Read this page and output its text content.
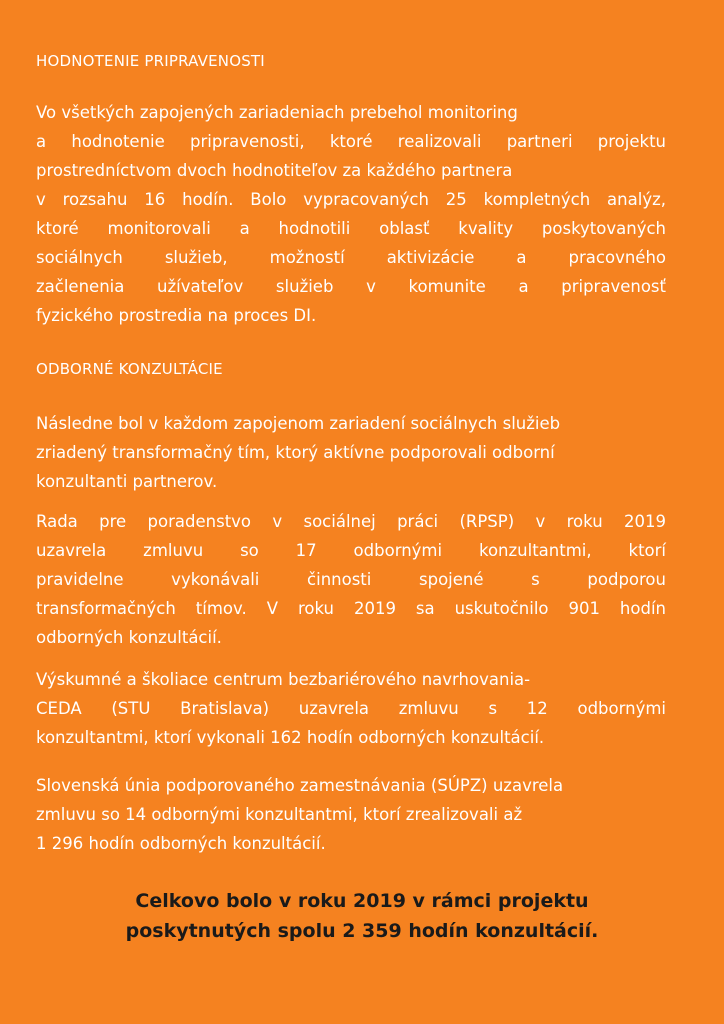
HODNOTENIE PRIPRAVENOSTI
Vo všetkých zapojených zariadeniach prebehol monitoring
a hodnotenie pripravenosti, ktoré realizovali partneri projektu
prostredníctvom dvoch hodnotiteľov za každého partnera
v rozsahu 16 hodín. Bolo vypracovaných 25 kompletných analýz,
ktoré monitorovali a hodnotili oblasť kvality poskytovaných
sociálnych služieb, možností aktivizácie a pracovného
začlenenia užívateľov služieb v komunite a pripravenosť
fyzického prostredia na proces DI.
ODBORNÉ KONZULTÁCIE
Následne bol v každom zapojenom zariadení sociálnych služieb
zriadený transformačný tím, ktorý aktívne podporovali odborní
konzultanti partnerov.
Rada pre poradenstvo v sociálnej práci (RPSP) v roku 2019
uzavrela zmluvu so 17 odbornými konzultantmi, ktorí
pravidelne vykonávali činnosti spojené s podporou
transformačných tímov. V roku 2019 sa uskutočnilo 901 hodín
odborných konzultácií.
Výskumné a školiace centrum bezbariérového navrhovania-
CEDA (STU Bratislava) uzavrela zmluvu s 12 odbornými
konzultantmi, ktorí vykonali 162 hodín odborných konzultácií.
Slovenská únia podporovaného zamestnávania (SÚPZ) uzavrela
zmluvu so 14 odbornými konzultantmi, ktorí zrealizovali až
1 296 hodín odborných konzultácií.

Celkovo bolo v roku 2019 v rámci projektu
poskytnutých spolu 2 359 hodín konzultácií.
